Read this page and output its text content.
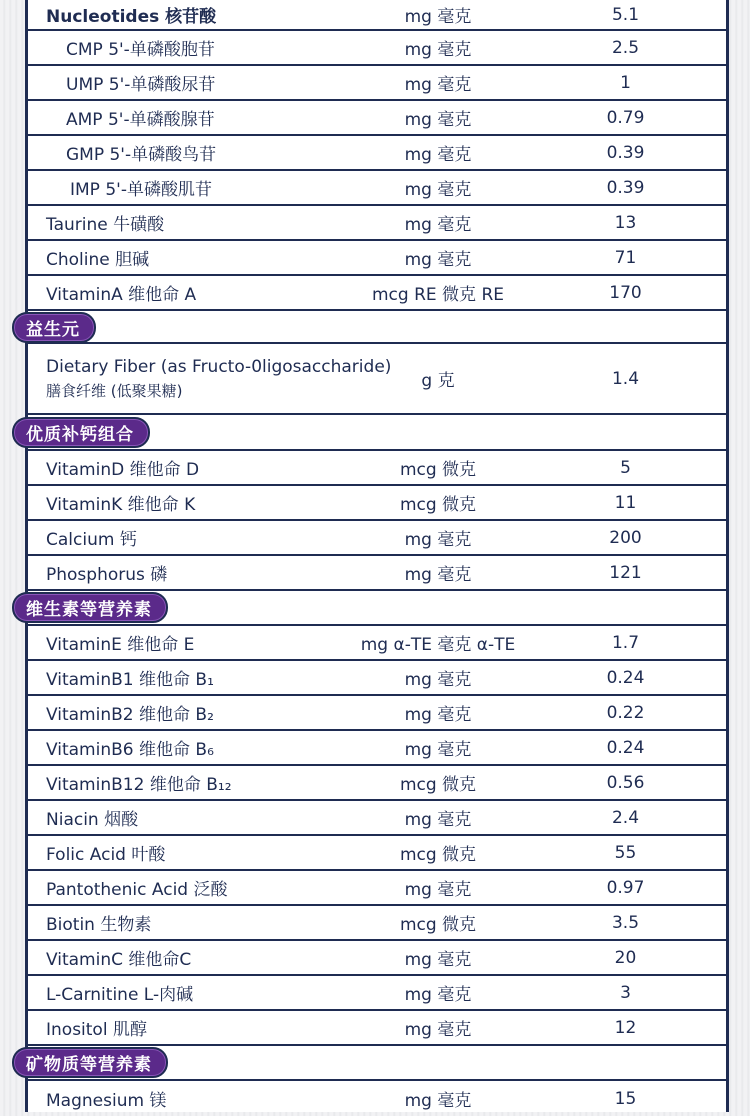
Nucleotides 核苷酸	mg 毫克	5.1
CMP 5'-单磷酸胞苷	mg 毫克	2.5
UMP 5'-单磷酸尿苷	mg 毫克	1
AMP 5'-单磷酸腺苷	mg 毫克	0.79
GMP 5'-单磷酸鸟苷	mg 毫克	0.39
IMP 5'-单磷酸肌苷	mg 毫克	0.39
Taurine 牛磺酸	mg 毫克	13
Choline 胆碱	mg 毫克	71
VitaminA 维他命 A	mcg RE 微克 RE	170
益生元
Dietary Fiber (as Fructo-0ligosaccharide)
膳食纤维 (低聚果糖)	g 克	1.4
优质补钙组合
VitaminD 维他命 D	mcg 微克	5
VitaminK 维他命 K	mcg 微克	11
Calcium 钙	mg 毫克	200
Phosphorus 磷	mg 毫克	121
维生素等营养素
VitaminE 维他命 E	mg α-TE 毫克 α-TE	1.7
VitaminB1 维他命 B₁	mg 毫克	0.24
VitaminB2 维他命 B₂	mg 毫克	0.22
VitaminB6 维他命 B₆	mg 毫克	0.24
VitaminB12 维他命 B₁₂	mcg 微克	0.56
Niacin 烟酸	mg 毫克	2.4
Folic Acid 叶酸	mcg 微克	55
Pantothenic Acid 泛酸	mg 毫克	0.97
Biotin 生物素	mcg 微克	3.5
VitaminC 维他命C	mg 毫克	20
L-Carnitine L-肉碱	mg 毫克	3
Inositol 肌醇	mg 毫克	12
矿物质等营养素
Magnesium 镁	mg 毫克	15
